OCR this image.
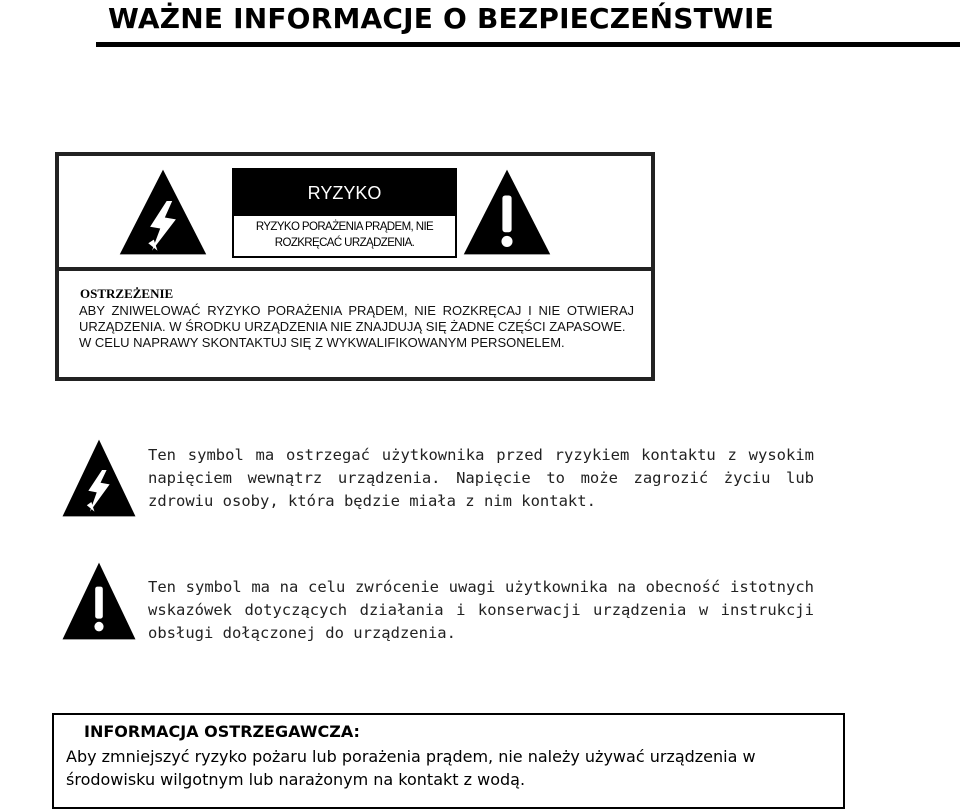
WAŻNE INFORMACJE O BEZPIECZEŃSTWIE
RYZYKO
RYZYKO PORAŻENIA PRĄDEM, NIE
ROZKRĘCAĆ URZĄDZENIA.
OSTRZEŻENIE

ABY ZNIWELOWAĆ RYZYKO PORAŻENIA PRĄDEM, NIE ROZKRĘCAJ I NIE OTWIERAJ URZĄDZENIA. W ŚRODKU URZĄDZENIA NIE ZNAJDUJĄ SIĘ ŻADNE CZĘŚCI ZAPASOWE.

W CELU NAPRAWY SKONTAKTUJ SIĘ Z WYKWALIFIKOWANYM PERSONELEM.

Ten symbol ma ostrzegać użytkownika przed ryzykiem kontaktu z wysokim napięciem wewnątrz urządzenia. Napięcie to może zagrozić życiu lub zdrowiu osoby, która będzie miała z nim kontakt.
Ten symbol ma na celu zwrócenie uwagi użytkownika na obecność istotnych wskazówek dotyczących działania i konserwacji urządzenia w instrukcji obsługi dołączonej do urządzenia.
INFORMACJA OSTRZEGAWCZA:
Aby zmniejszyć ryzyko pożaru lub porażenia prądem, nie należy używać urządzenia w środowisku wilgotnym lub narażonym na kontakt z wodą.
